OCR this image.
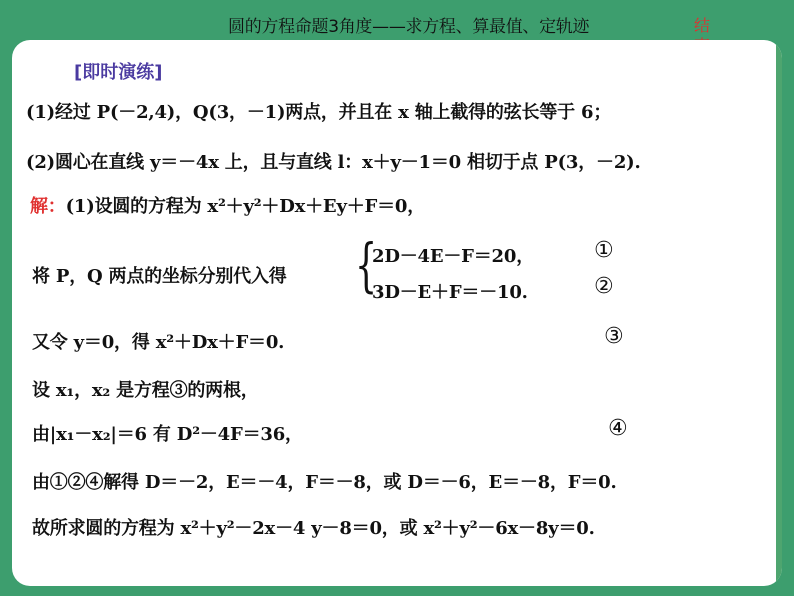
圆的方程命题3角度——求方程、算最值、定轨迹	结
[即时演练]
(1)经过 P(－2,4)，Q(3，－1)两点，并且在 x 轴上截得的弦长等于 6；
(2)圆心在直线 y＝－4x 上，且与直线 l：x＋y－1＝0 相切于点 P(3，－2).
解：(1)设圆的方程为 x²＋y²＋Dx＋Ey＋F＝0，
将 P，Q 两点的坐标分别代入得 {
2D－4E－F＝20，	①
3D－E＋F＝－10.	②
又令 y＝0，得 x²＋Dx＋F＝0.	③
设 x₁，x₂ 是方程③的两根，
由|x₁－x₂|＝6 有 D²－4F＝36，	④
由①②④解得 D＝－2，E＝－4，F＝－8，或 D＝－6，E＝－8，F＝0.
故所求圆的方程为 x²＋y²－2x－4 y－8＝0，或 x²＋y²－6x－8y＝0.
